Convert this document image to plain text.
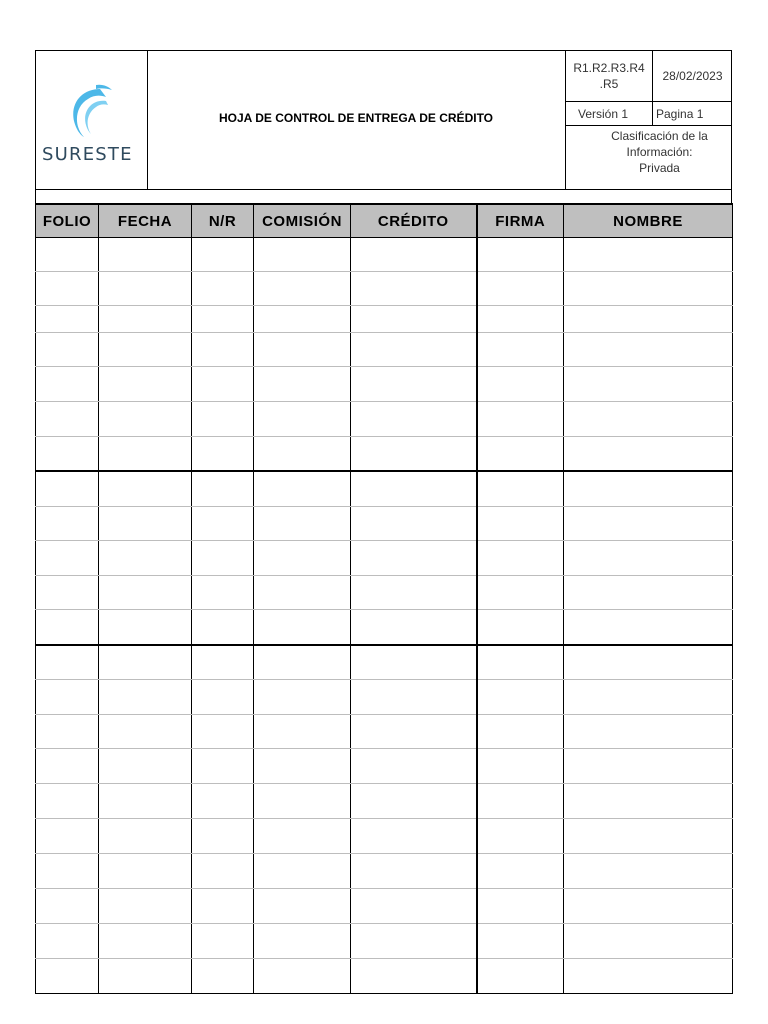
SURESTE
HOJA DE CONTROL DE ENTREGA DE CRÉDITO
R1.R2.R3.R4 .R5
28/02/2023
Versión 1	Pagina 1
Clasificación de la
Información:
Privada
FOLIO	FECHA	N/R	COMISIÓN	CRÉDITO	FIRMA	NOMBRE
